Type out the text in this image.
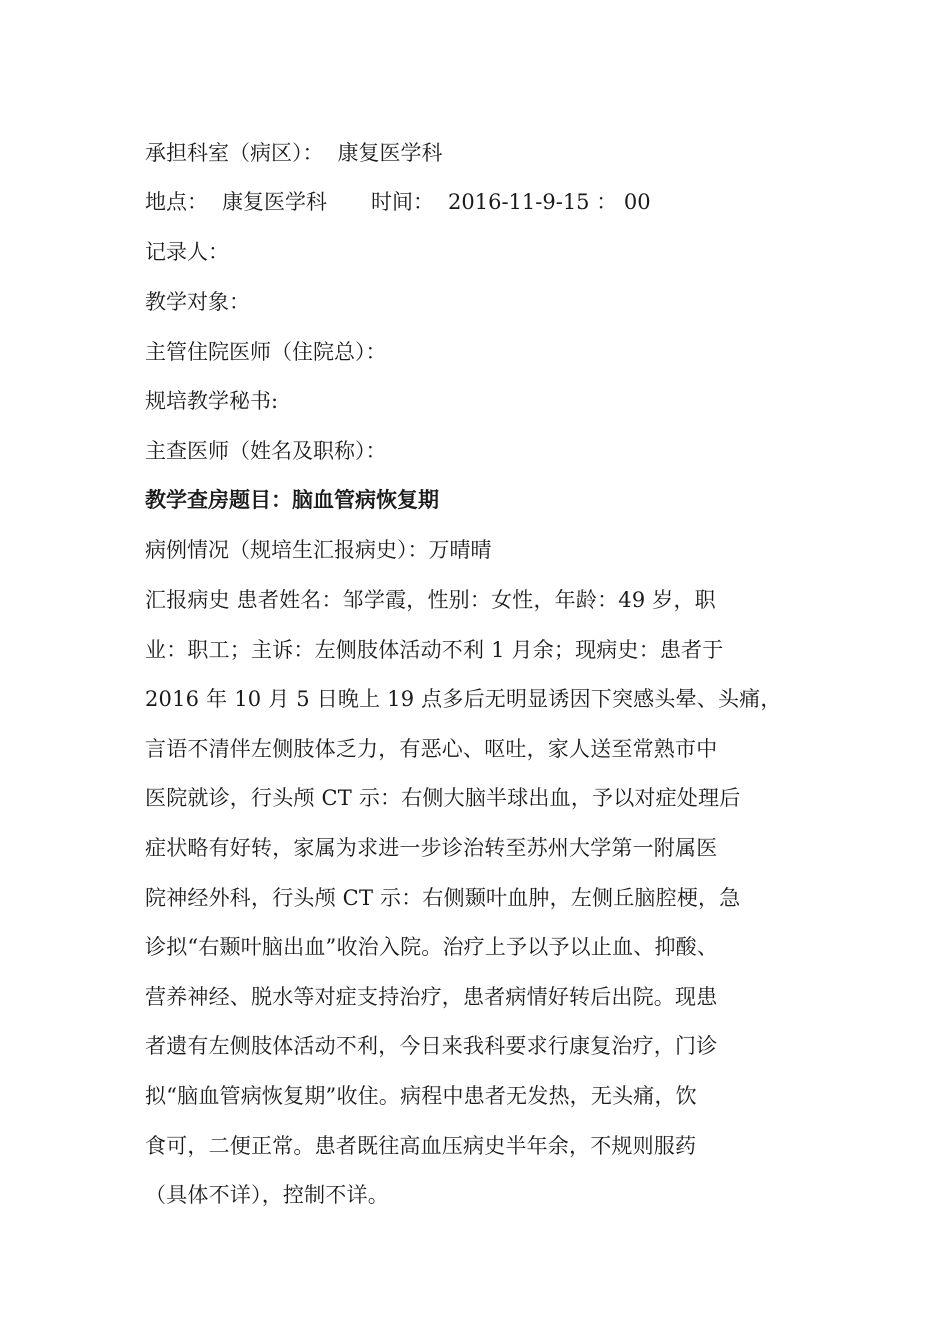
承担科室（病区）： 康复医学科
地点： 康复医学科 时间： 2016-11-9-15 ： 00
记录人：
教学对象：
主管住院医师（住院总）：
规培教学秘书:
主查医师（姓名及职称）：
教学查房题目：脑血管病恢复期
病例情况（规培生汇报病史）：万晴晴
汇报病史 患者姓名：邹学霞，性别：女性，年龄：49 岁，职
业：职工；主诉：左侧肢体活动不利 1 月余；现病史：患者于
2016 年 10 月 5 日晚上 19 点多后无明显诱因下突感头晕、头痛，
言语不清伴左侧肢体乏力，有恶心、呕吐，家人送至常熟市中
医院就诊，行头颅 CT 示：右侧大脑半球出血，予以对症处理后
症状略有好转，家属为求进一步诊治转至苏州大学第一附属医
院神经外科，行头颅 CT 示：右侧颞叶血肿，左侧丘脑腔梗，急
诊拟“右颞叶脑出血”收治入院。治疗上予以予以止血、抑酸、
营养神经、脱水等对症支持治疗，患者病情好转后出院。现患
者遗有左侧肢体活动不利，今日来我科要求行康复治疗，门诊
拟“脑血管病恢复期”收住。病程中患者无发热，无头痛，饮
食可，二便正常。患者既往高血压病史半年余，不规则服药
（具体不详），控制不详。
